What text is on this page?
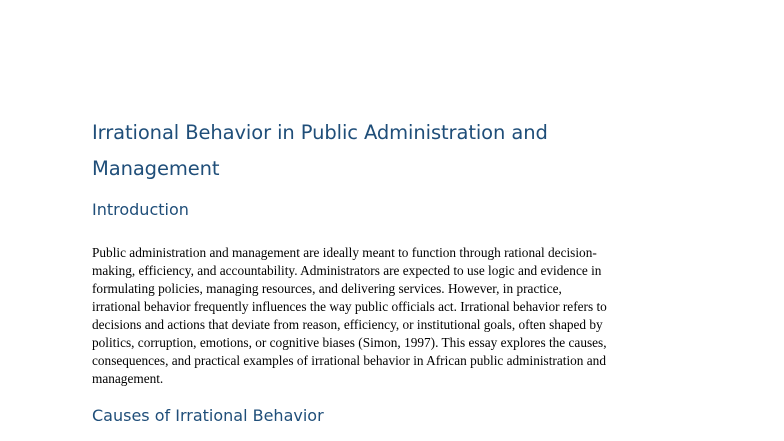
Irrational Behavior in Public Administration and
Management
Introduction

Public administration and management are ideally meant to function through rational decision-
making, efficiency, and accountability. Administrators are expected to use logic and evidence in
formulating policies, managing resources, and delivering services. However, in practice,
irrational behavior frequently influences the way public officials act. Irrational behavior refers to
decisions and actions that deviate from reason, efficiency, or institutional goals, often shaped by
politics, corruption, emotions, or cognitive biases (Simon, 1997). This essay explores the causes,
consequences, and practical examples of irrational behavior in African public administration and
management.

Causes of Irrational Behavior
